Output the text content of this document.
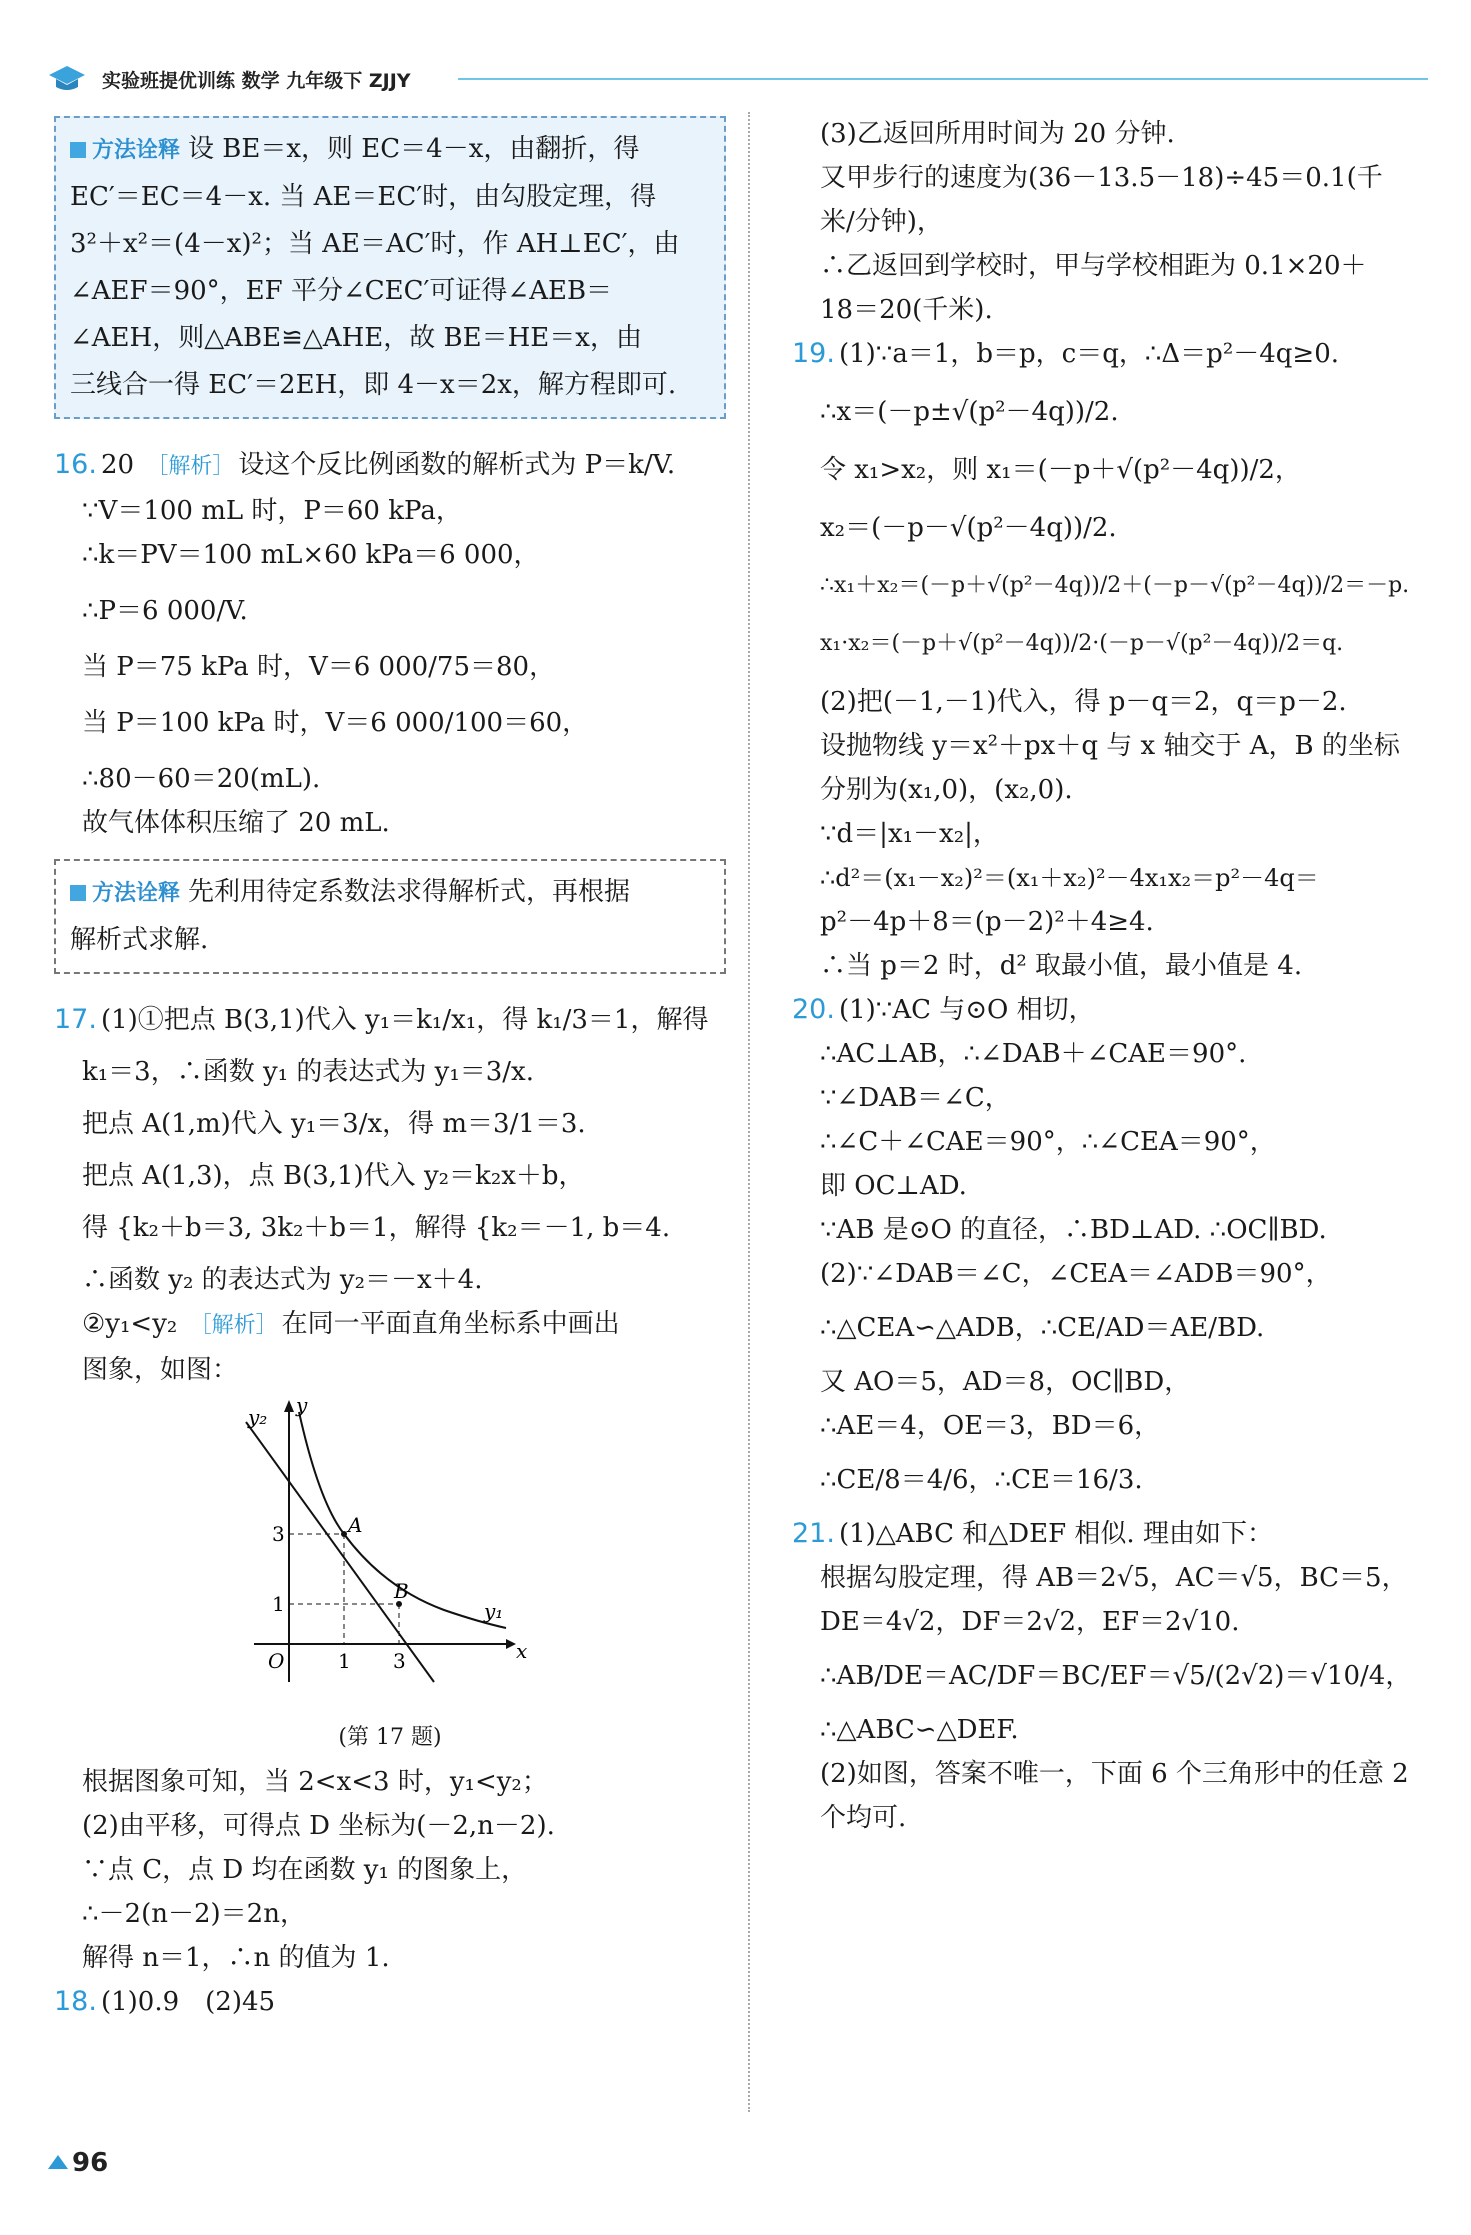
实验班提优训练 数学 九年级下 ZJJY
方法诠释 设 BE＝x，则 EC＝4－x，由翻折，得
EC′＝EC＝4－x. 当 AE＝EC′时，由勾股定理，得
3²＋x²＝(4－x)²；当 AE＝AC′时，作 AH⊥EC′，由
∠AEF＝90°，EF 平分∠CEC′可证得∠AEB＝
∠AEH，则△ABE≌△AHE，故 BE＝HE＝x，由
三线合一得 EC′＝2EH，即 4－x＝2x，解方程即可.
16. 20 ［解析］ 设这个反比例函数的解析式为 P＝k/V.
∵V＝100 mL 时，P＝60 kPa，
∴k＝PV＝100 mL×60 kPa＝6 000，
∴P＝6 000/V.
当 P＝75 kPa 时，V＝6 000/75＝80，
当 P＝100 kPa 时，V＝6 000/100＝60，
∴80－60＝20(mL).
故气体体积压缩了 20 mL.
方法诠释 先利用待定系数法求得解析式，再根据
解析式求解.
17. (1)①把点 B(3,1)代入 y₁＝k₁/x₁，得 k₁/3＝1，解得
k₁＝3，∴函数 y₁ 的表达式为 y₁＝3/x.
把点 A(1,m)代入 y₁＝3/x，得 m＝3/1＝3.
把点 A(1,3)，点 B(3,1)代入 y₂＝k₂x＋b，
得 {k₂＋b＝3, 3k₂＋b＝1，解得 {k₂＝－1, b＝4.
∴函数 y₂ 的表达式为 y₂＝－x＋4.
②y₁<y₂ ［解析］ 在同一平面直角坐标系中画出
图象，如图：
y₂ y
A
B
y₁
x
O	1 3
1
3
(第 17 题)
根据图象可知，当 2<x<3 时，y₁<y₂；
(2)由平移，可得点 D 坐标为(－2,n－2).
∵点 C，点 D 均在函数 y₁ 的图象上，
∴－2(n－2)＝2n，
解得 n＝1，∴n 的值为 1.
18. (1)0.9　(2)45
(3)乙返回所用时间为 20 分钟.
又甲步行的速度为(36－13.5－18)÷45＝0.1(千
米/分钟)，
∴乙返回到学校时，甲与学校相距为 0.1×20＋
18＝20(千米).
19. (1)∵a＝1，b＝p，c＝q，∴Δ＝p²－4q≥0.
∴x＝(－p±√(p²－4q))/2.
令 x₁>x₂，则 x₁＝(－p＋√(p²－4q))/2，
x₂＝(－p－√(p²－4q))/2.
∴x₁＋x₂＝(－p＋√(p²－4q))/2＋(－p－√(p²－4q))/2＝－p.
x₁·x₂＝(－p＋√(p²－4q))/2·(－p－√(p²－4q))/2＝q.
(2)把(－1,－1)代入，得 p－q＝2，q＝p－2.
设抛物线 y＝x²＋px＋q 与 x 轴交于 A，B 的坐标
分别为(x₁,0)，(x₂,0).
∵d＝|x₁－x₂|，
∴d²＝(x₁－x₂)²＝(x₁＋x₂)²－4x₁x₂＝p²－4q＝
p²－4p＋8＝(p－2)²＋4≥4.
∴当 p＝2 时，d² 取最小值，最小值是 4.
20. (1)∵AC 与⊙O 相切，
∴AC⊥AB，∴∠DAB＋∠CAE＝90°.
∵∠DAB＝∠C，
∴∠C＋∠CAE＝90°，∴∠CEA＝90°，
即 OC⊥AD.
∵AB 是⊙O 的直径，∴BD⊥AD. ∴OC∥BD.
(2)∵∠DAB＝∠C，∠CEA＝∠ADB＝90°，
∴△CEA∽△ADB，∴CE/AD＝AE/BD.
又 AO＝5，AD＝8，OC∥BD，
∴AE＝4，OE＝3，BD＝6，
∴CE/8＝4/6，∴CE＝16/3.
21. (1)△ABC 和△DEF 相似. 理由如下：
根据勾股定理，得 AB＝2√5，AC＝√5，BC＝5，
DE＝4√2，DF＝2√2，EF＝2√10.
∴AB/DE＝AC/DF＝BC/EF＝√5/(2√2)＝√10/4，
∴△ABC∽△DEF.
(2)如图，答案不唯一，下面 6 个三角形中的任意 2
个均可.
96
